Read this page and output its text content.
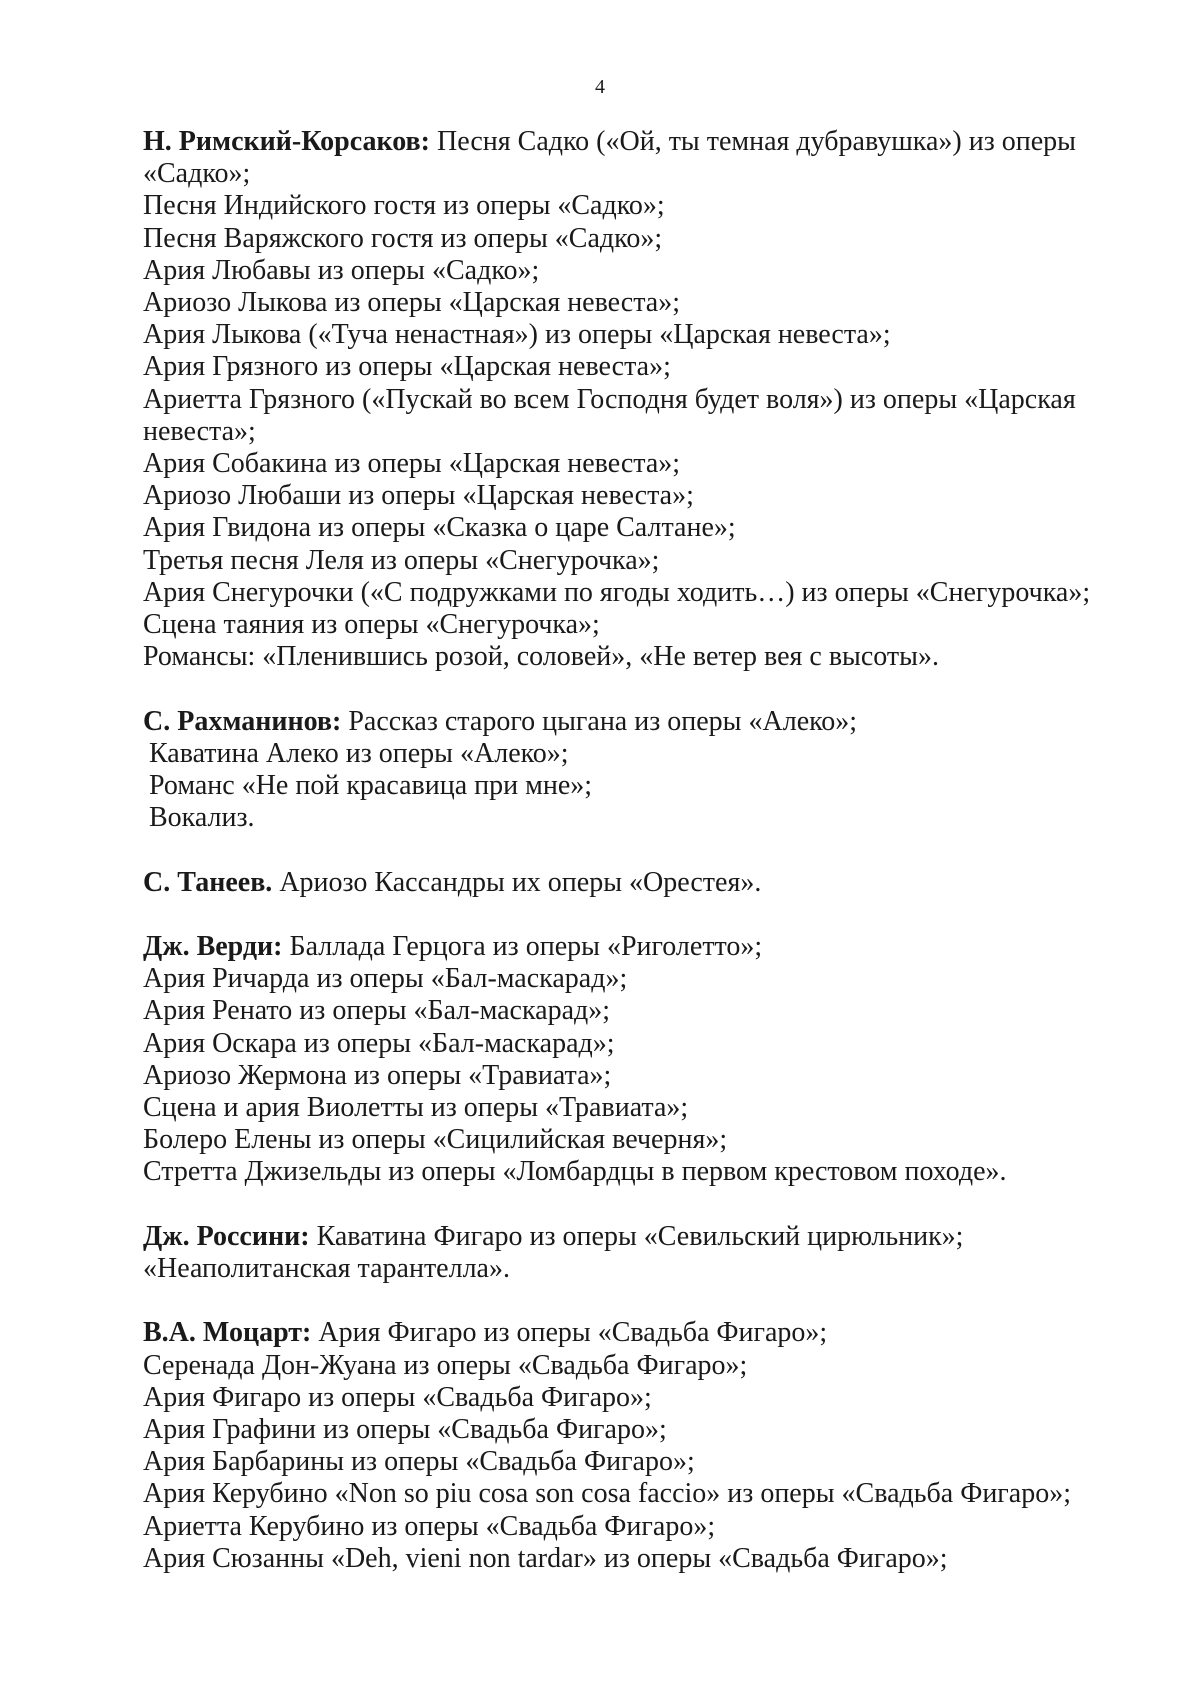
4
Н. Римский-Корсаков: Песня Садко («Ой, ты темная дубравушка») из оперы «Садко»;
Песня Индийского гостя из оперы «Садко»;
Песня Варяжского гостя из оперы «Садко»;
Ария Любавы из оперы «Садко»;
Ариозо Лыкова из оперы «Царская невеста»;
Ария Лыкова («Туча ненастная») из оперы «Царская невеста»;
Ария Грязного из оперы «Царская невеста»;
Ариетта Грязного («Пускай во всем Господня будет воля») из оперы «Царская невеста»;
Ария Собакина из оперы «Царская невеста»;
Ариозо Любаши из оперы «Царская невеста»;
Ария Гвидона из оперы «Сказка о царе Салтане»;
Третья песня Леля из оперы «Снегурочка»;
Ария Снегурочки («С подружками по ягоды ходить…) из оперы «Снегурочка»;
Сцена таяния из оперы «Снегурочка»;
Романсы: «Пленившись розой, соловей», «Не ветер вея с высоты».
С. Рахманинов: Рассказ старого цыгана из оперы «Алеко»;
Каватина Алеко из оперы «Алеко»;
Романс «Не пой красавица при мне»;
Вокализ.
С. Танеев. Ариозо Кассандры их оперы «Орестея».
Дж. Верди: Баллада Герцога из оперы «Риголетто»;
Ария Ричарда из оперы «Бал-маскарад»;
Ария Ренато из оперы «Бал-маскарад»;
Ария Оскара из оперы «Бал-маскарад»;
Ариозо Жермона из оперы «Травиата»;
Сцена и ария Виолетты из оперы «Травиата»;
Болеро Елены из оперы «Сицилийская вечерня»;
Стретта Джизельды из оперы «Ломбардцы в первом крестовом походе».
Дж. Россини: Каватина Фигаро из оперы «Севильский цирюльник»;
«Неаполитанская тарантелла».
В.А. Моцарт: Ария Фигаро из оперы «Свадьба Фигаро»;
Серенада Дон-Жуана из оперы «Свадьба Фигаро»;
Ария Фигаро из оперы «Свадьба Фигаро»;
Ария Графини из оперы «Свадьба Фигаро»;
Ария Барбарины из оперы «Свадьба Фигаро»;
Ария Керубино «Non so piu cosa son cosa faccio» из оперы «Свадьба Фигаро»;
Ариетта Керубино из оперы «Свадьба Фигаро»;
Ария Сюзанны «Deh, vieni non tardar» из оперы «Свадьба Фигаро»;
